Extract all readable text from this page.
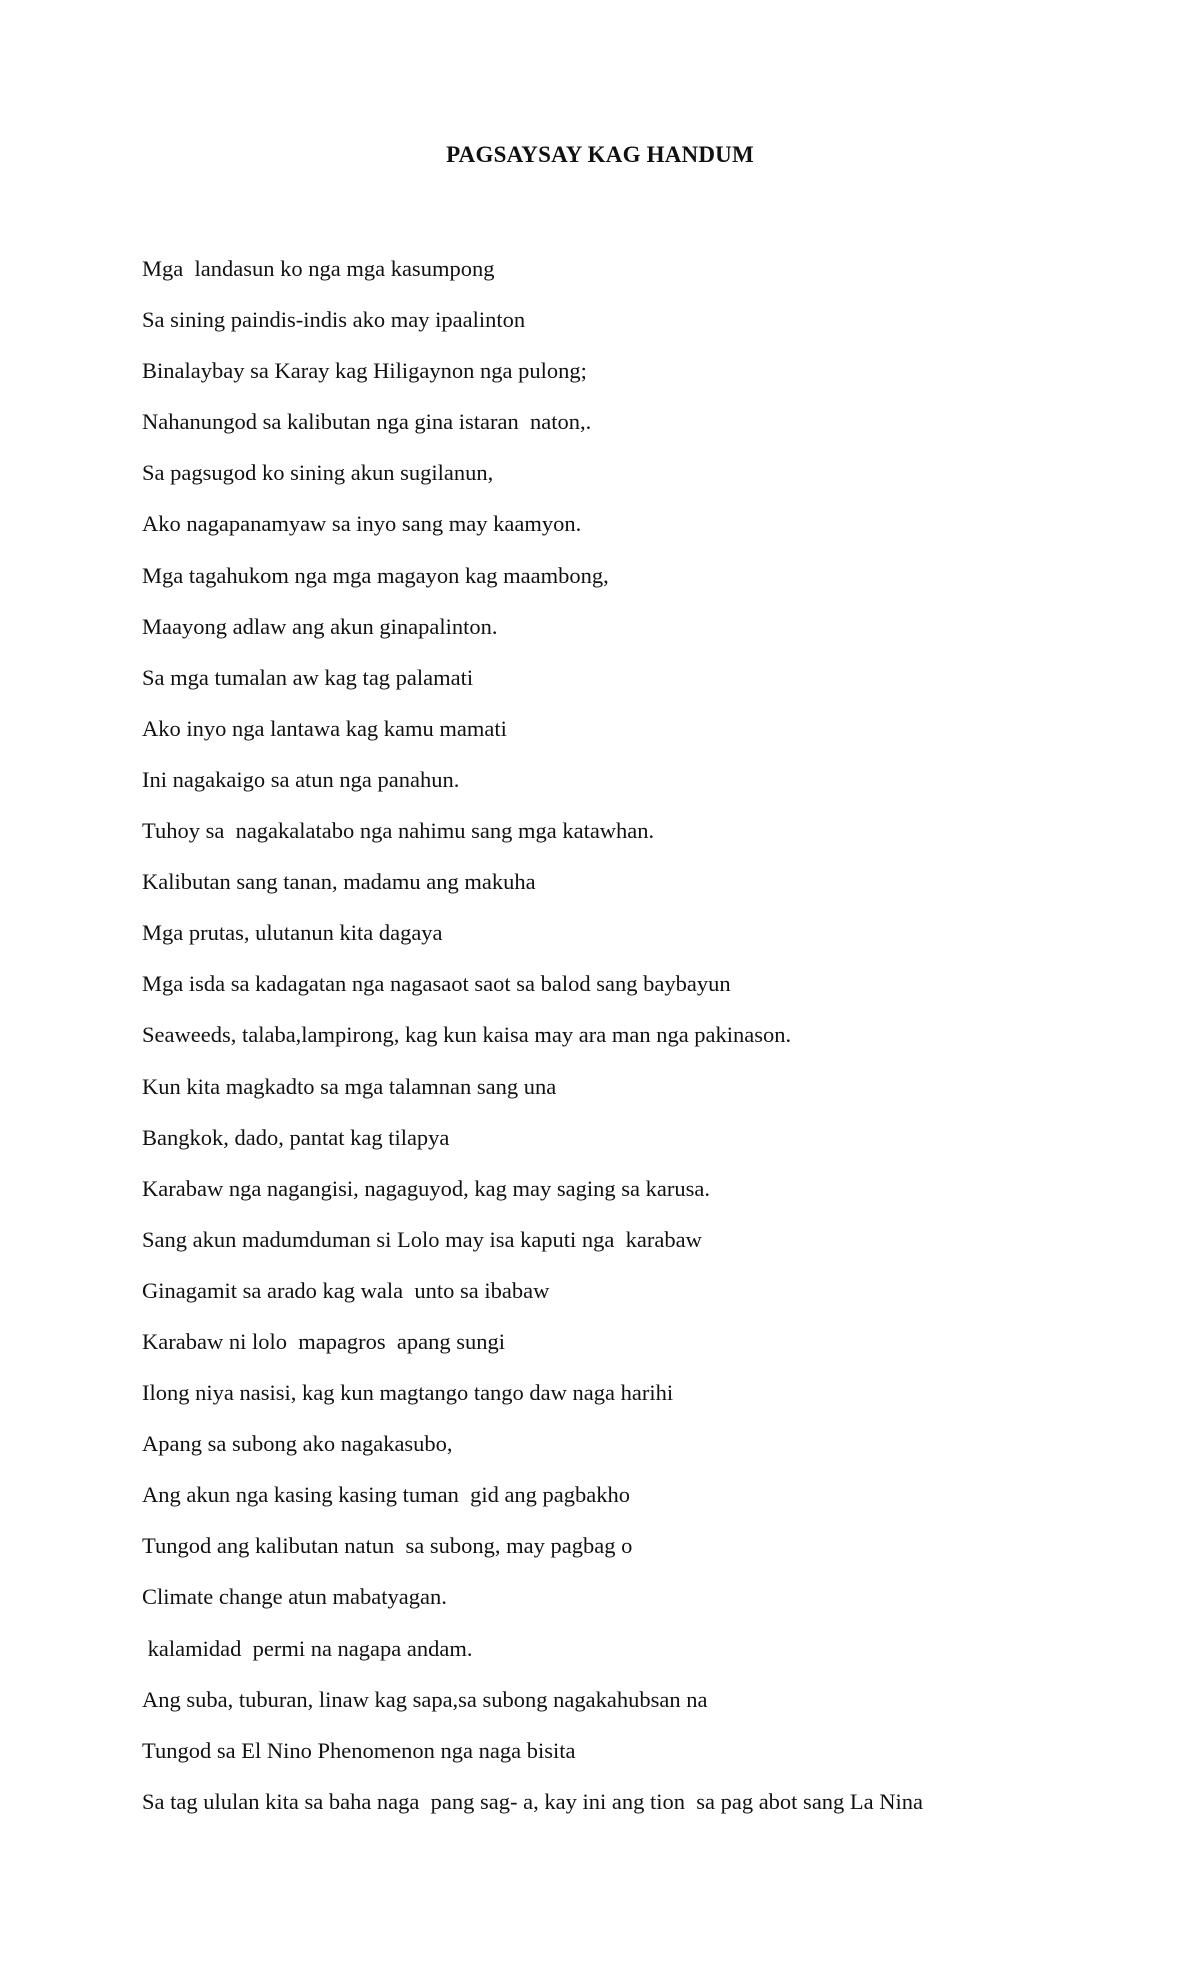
PAGSAYSAY KAG HANDUM
Mga  landasun ko nga mga kasumpong
Sa sining paindis-indis ako may ipaalinton
Binalaybay sa Karay kag Hiligaynon nga pulong;
Nahanungod sa kalibutan nga gina istaran  naton,.
Sa pagsugod ko sining akun sugilanun,
Ako nagapanamyaw sa inyo sang may kaamyon.
Mga tagahukom nga mga magayon kag maambong,
Maayong adlaw ang akun ginapalinton.
Sa mga tumalan aw kag tag palamati
Ako inyo nga lantawa kag kamu mamati
Ini nagakaigo sa atun nga panahun.
Tuhoy sa  nagakalatabo nga nahimu sang mga katawhan.
Kalibutan sang tanan, madamu ang makuha
Mga prutas, ulutanun kita dagaya
Mga isda sa kadagatan nga nagasaot saot sa balod sang baybayun
Seaweeds, talaba,lampirong, kag kun kaisa may ara man nga pakinason.
Kun kita magkadto sa mga talamnan sang una
Bangkok, dado, pantat kag tilapya
Karabaw nga nagangisi, nagaguyod, kag may saging sa karusa.
Sang akun madumduman si Lolo may isa kaputi nga  karabaw
Ginagamit sa arado kag wala  unto sa ibabaw
Karabaw ni lolo  mapagros  apang sungi
Ilong niya nasisi, kag kun magtango tango daw naga harihi
Apang sa subong ako nagakasubo,
Ang akun nga kasing kasing tuman  gid ang pagbakho
Tungod ang kalibutan natun  sa subong, may pagbag o
Climate change atun mabatyagan.
kalamidad  permi na nagapa andam.
Ang suba, tuburan, linaw kag sapa,sa subong nagakahubsan na
Tungod sa El Nino Phenomenon nga naga bisita
Sa tag ululan kita sa baha naga  pang sag- a, kay ini ang tion  sa pag abot sang La Nina
